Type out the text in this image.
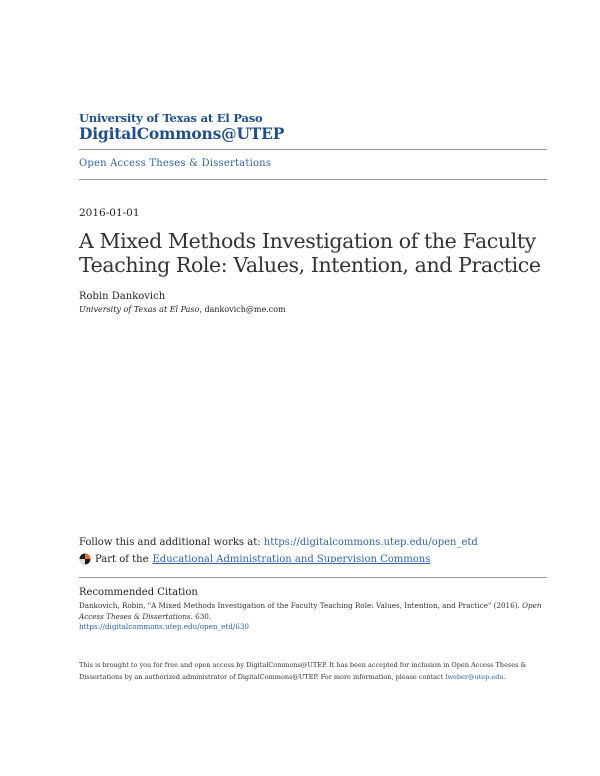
University of Texas at El Paso
DigitalCommons@UTEP
Open Access Theses & Dissertations
2016-01-01
A Mixed Methods Investigation of the Faculty Teaching Role: Values, Intention, and Practice
Robin Dankovich
University of Texas at El Paso, dankovich@me.com
Follow this and additional works at: https://digitalcommons.utep.edu/open_etd
Part of the Educational Administration and Supervision Commons
Recommended Citation
Dankovich, Robin, "A Mixed Methods Investigation of the Faculty Teaching Role: Values, Intention, and Practice" (2016). Open Access Theses & Dissertations. 630.
https://digitalcommons.utep.edu/open_etd/630
This is brought to you for free and open access by DigitalCommons@UTEP. It has been accepted for inclusion in Open Access Theses & Dissertations by an authorized administrator of DigitalCommons@UTEP. For more information, please contact lweber@utep.edu.
